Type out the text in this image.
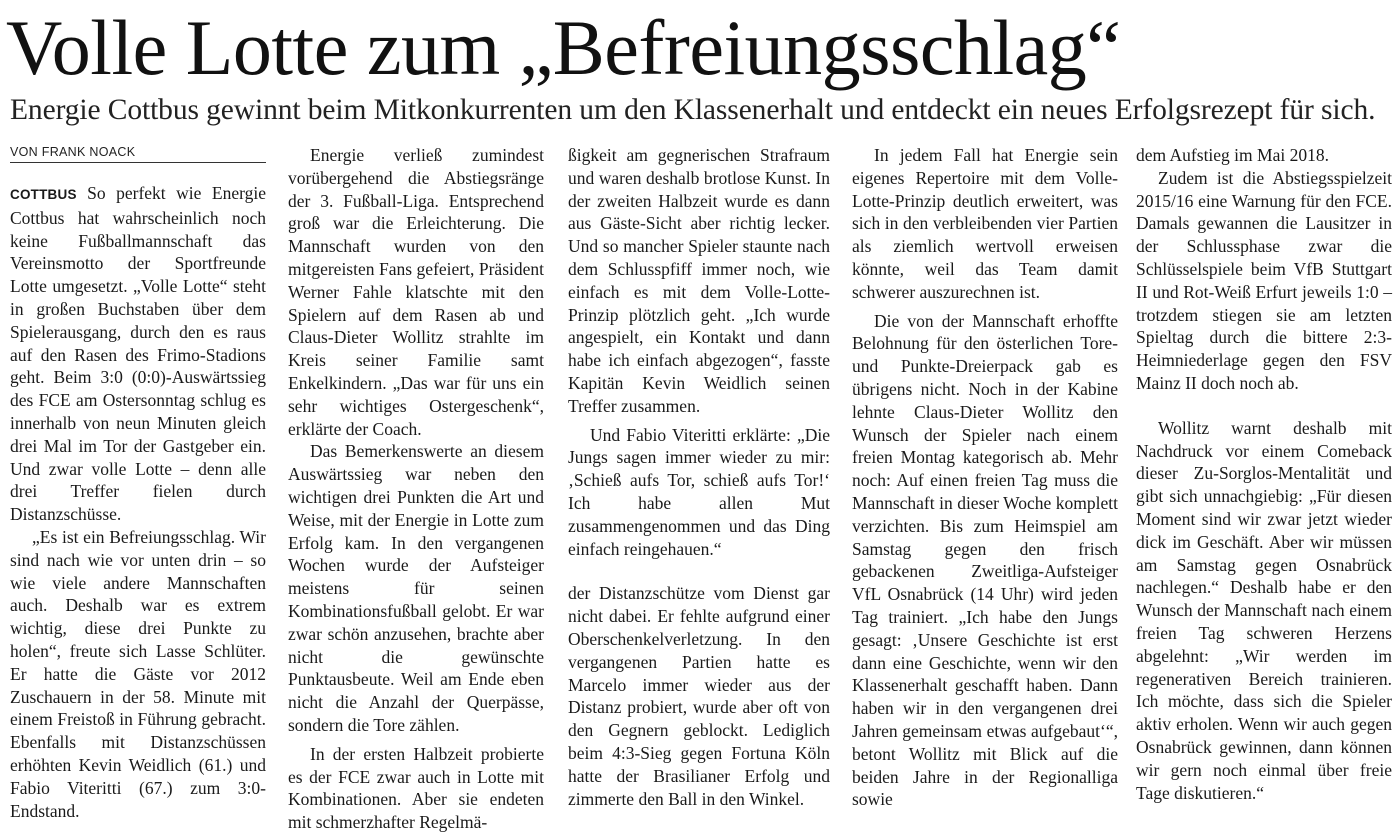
Volle Lotte zum „Befreiungsschlag“
Energie Cottbus gewinnt beim Mitkonkurrenten um den Klassenerhalt und entdeckt ein neues Erfolgsrezept für sich.
VON FRANK NOACK

COTTBUS So perfekt wie Energie Cottbus hat wahrscheinlich noch keine Fußballmannschaft das Vereinsmotto der Sportfreunde Lotte umgesetzt. „Volle Lotte“ steht in großen Buchstaben über dem Spielerausgang, durch den es raus auf den Rasen des Frimo-Stadions geht. Beim 3:0 (0:0)-Auswärtssieg des FCE am Ostersonntag schlug es innerhalb von neun Minuten gleich drei Mal im Tor der Gastgeber ein. Und zwar volle Lotte – denn alle drei Treffer fielen durch Distanzschüsse.

„Es ist ein Befreiungsschlag. Wir sind nach wie vor unten drin – so wie viele andere Mannschaften auch. Deshalb war es extrem wichtig, diese drei Punkte zu holen“, freute sich Lasse Schlüter. Er hatte die Gäste vor 2012 Zuschauern in der 58. Minute mit einem Freistoß in Führung gebracht. Ebenfalls mit Distanzschüssen erhöhten Kevin Weidlich (61.) und Fabio Viteritti (67.) zum 3:0-Endstand.

Energie verließ zumindest vorübergehend die Abstiegsränge der 3. Fußball-Liga. Entsprechend groß war die Erleichterung. Die Mannschaft wurden von den mitgereisten Fans gefeiert, Präsident Werner Fahle klatschte mit den Spielern auf dem Rasen ab und Claus-Dieter Wollitz strahlte im Kreis seiner Familie samt Enkelkindern. „Das war für uns ein sehr wichtiges Ostergeschenk“, erklärte der Coach.

Das Bemerkenswerte an diesem Auswärtssieg war neben den wichtigen drei Punkten die Art und Weise, mit der Energie in Lotte zum Erfolg kam. In den vergangenen Wochen wurde der Aufsteiger meistens für seinen Kombinationsfußball gelobt. Er war zwar schön anzusehen, brachte aber nicht die gewünschte Punktausbeute. Weil am Ende eben nicht die Anzahl der Querpässe, sondern die Tore zählen.

In der ersten Halbzeit probierte es der FCE zwar auch in Lotte mit Kombinationen. Aber sie endeten mit schmerzhafter Regelmä-

ßigkeit am gegnerischen Strafraum und waren deshalb brotlose Kunst. In der zweiten Halbzeit wurde es dann aus Gäste-Sicht aber richtig lecker. Und so mancher Spieler staunte nach dem Schlusspfiff immer noch, wie einfach es mit dem Volle-Lotte-Prinzip plötzlich geht. „Ich wurde angespielt, ein Kontakt und dann habe ich einfach abgezogen“, fasste Kapitän Kevin Weidlich seinen Treffer zusammen.

Und Fabio Viteritti erklärte: „Die Jungs sagen immer wieder zu mir: ‚Schieß aufs Tor, schieß aufs Tor!‘ Ich habe allen Mut zusammengenommen und das Ding einfach reingehauen.“

der Distanzschütze vom Dienst gar nicht dabei. Er fehlte aufgrund einer Oberschenkelverletzung. In den vergangenen Partien hatte es Marcelo immer wieder aus der Distanz probiert, wurde aber oft von den Gegnern geblockt. Lediglich beim 4:3-Sieg gegen Fortuna Köln hatte der Brasilianer Erfolg und zimmerte den Ball in den Winkel.

In jedem Fall hat Energie sein eigenes Repertoire mit dem Volle-Lotte-Prinzip deutlich erweitert, was sich in den verbleibenden vier Partien als ziemlich wertvoll erweisen könnte, weil das Team damit schwerer auszurechnen ist.

Die von der Mannschaft erhoffte Belohnung für den österlichen Tore- und Punkte-Dreierpack gab es übrigens nicht. Noch in der Kabine lehnte Claus-Dieter Wollitz den Wunsch der Spieler nach einem freien Montag kategorisch ab. Mehr noch: Auf einen freien Tag muss die Mannschaft in dieser Woche komplett verzichten. Bis zum Heimspiel am Samstag gegen den frisch gebackenen Zweitliga-Aufsteiger VfL Osnabrück (14 Uhr) wird jeden Tag trainiert. „Ich habe den Jungs gesagt: ‚Unsere Geschichte ist erst dann eine Geschichte, wenn wir den Klassenerhalt geschafft haben. Dann haben wir in den vergangenen drei Jahren gemeinsam etwas aufgebaut‘“, betont Wollitz mit Blick auf die beiden Jahre in der Regionalliga sowie

dem Aufstieg im Mai 2018.

Zudem ist die Abstiegsspielzeit 2015/16 eine Warnung für den FCE. Damals gewannen die Lausitzer in der Schlussphase zwar die Schlüsselspiele beim VfB Stuttgart II und Rot-Weiß Erfurt jeweils 1:0 – trotzdem stiegen sie am letzten Spieltag durch die bittere 2:3-Heimniederlage gegen den FSV Mainz II doch noch ab.

Wollitz warnt deshalb mit Nachdruck vor einem Comeback dieser Zu-Sorglos-Mentalität und gibt sich unnachgiebig: „Für diesen Moment sind wir zwar jetzt wieder dick im Geschäft. Aber wir müssen am Samstag gegen Osnabrück nachlegen.“ Deshalb habe er den Wunsch der Mannschaft nach einem freien Tag schweren Herzens abgelehnt: „Wir werden im regenerativen Bereich trainieren. Ich möchte, dass sich die Spieler aktiv erholen. Wenn wir auch gegen Osnabrück gewinnen, dann können wir gern noch einmal über freie Tage diskutieren.“
